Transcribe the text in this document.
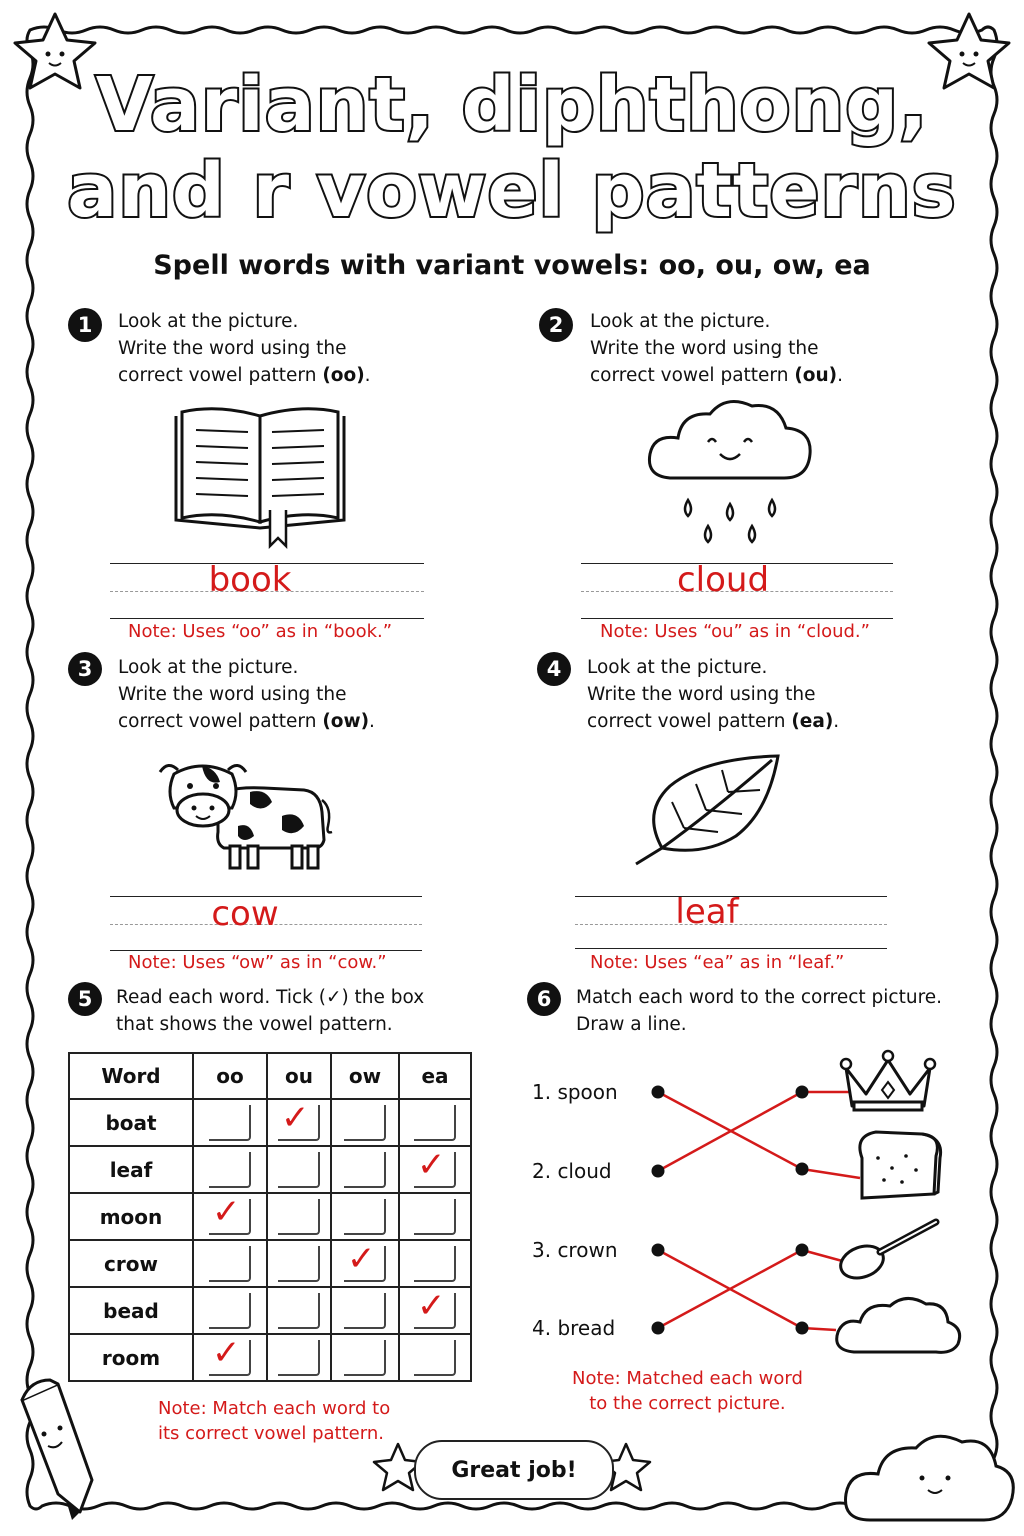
Variant, diphthong,
and r vowel patterns
Spell words with variant vowels: oo, ou, ow, ea
1	Look at the picture.
Write the word using the
correct vowel pattern (oo).
book
Note: Uses “oo” as in “book.”
2	Look at the picture.
Write the word using the
correct vowel pattern (ou).
cloud
Note: Uses “ou” as in “cloud.”
3	Look at the picture.
Write the word using the
correct vowel pattern (ow).
cow
Note: Uses “ow” as in “cow.”
4	Look at the picture.
Write the word using the
correct vowel pattern (ea).
leaf
Note: Uses “ea” as in “leaf.”
5	Read each word. Tick (✓) the box
that shows the vowel pattern.
Word	oo	ou	ow	ea
boat		✓		

leaf				✓

moon	✓			

crow			✓	

bead				✓

room	✓			

Note: Match each word to
its correct vowel pattern.
6	Match each word to the correct picture.
Draw a line.
1. spoon
2. cloud
3. crown
4. bread
Note: Matched each word
to the correct picture.
Great job!
